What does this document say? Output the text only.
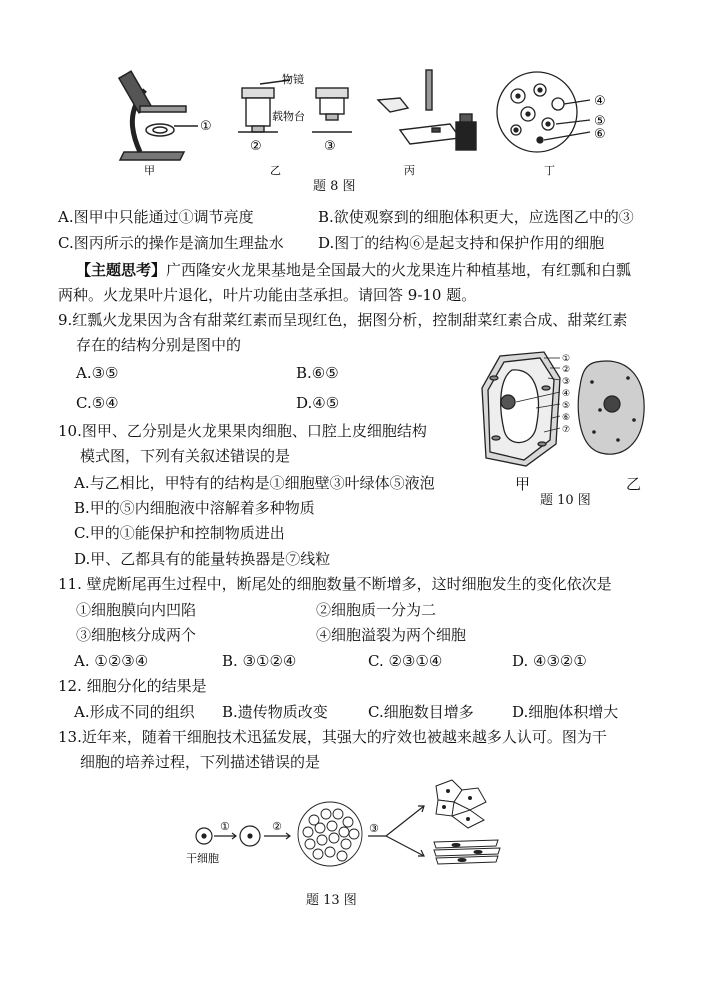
①
物镜
载物台
②	③
④
⑤
⑥
甲	乙	丙	丁
题 8 图
A.图甲中只能通过①调节亮度	B.欲使观察到的细胞体积更大，应选图乙中的③
C.图丙所示的操作是滴加生理盐水 D.图丁的结构⑥是起支持和保护作用的细胞
【主题思考】广西隆安火龙果基地是全国最大的火龙果连片种植基地，有红瓢和白瓢
两种。火龙果叶片退化，叶片功能由茎承担。请回答 9-10 题。
9.红瓢火龙果因为含有甜菜红素而呈现红色，据图分析，控制甜菜红素合成、甜菜红素
存在的结构分别是图中的
A.③⑤	B.⑥⑤
C.⑤④	D.④⑤
①
②
③
④
⑤
⑥
⑦
甲	乙
题 10 图
10.图甲、乙分别是火龙果果肉细胞、口腔上皮细胞结构
模式图，下列有关叙述错误的是
A.与乙相比，甲特有的结构是①细胞壁③叶绿体⑤液泡
B.甲的⑤内细胞液中溶解着多种物质
C.甲的①能保护和控制物质进出
D.甲、乙都具有的能量转换器是⑦线粒
11. 壁虎断尾再生过程中，断尾处的细胞数量不断增多，这时细胞发生的变化依次是
①细胞膜向内凹陷	②细胞质一分为二
③细胞核分成两个	④细胞溢裂为两个细胞
A. ①②③④	B. ③①②④	C. ②③①④	D. ④③②①
12. 细胞分化的结果是
A.形成不同的组织 B.遗传物质改变	C.细胞数目增多	D.细胞体积增大
13.近年来，随着干细胞技术迅猛发展，其强大的疗效也被越来越多人认可。图为干
细胞的培养过程，下列描述错误的是
①	②	③
干细胞
题 13 图
